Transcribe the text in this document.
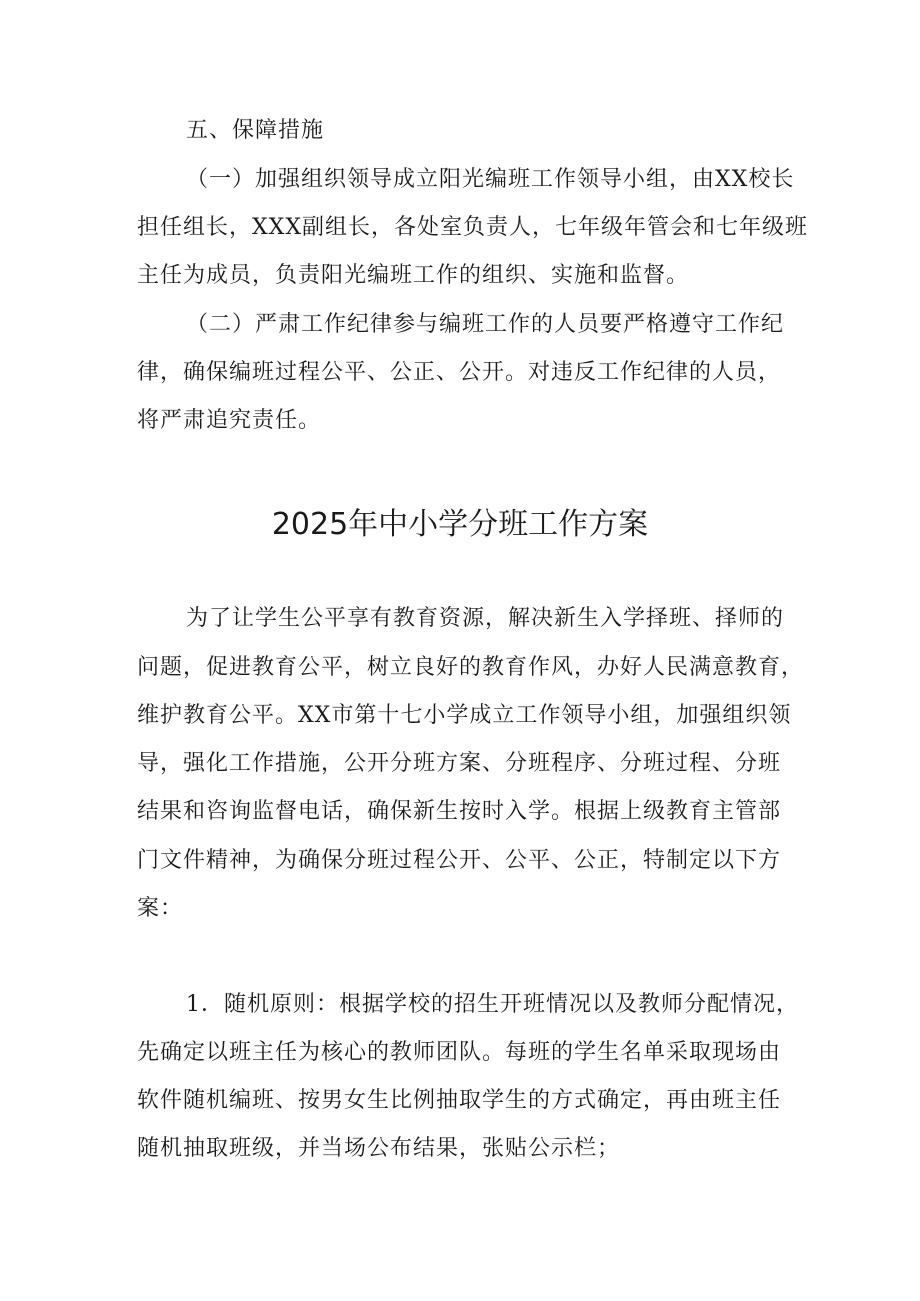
五、保障措施
（一）加强组织领导成立阳光编班工作领导小组，由XX校长
担任组长，XXX副组长，各处室负责人，七年级年管会和七年级班
主任为成员，负责阳光编班工作的组织、实施和监督。
（二）严肃工作纪律参与编班工作的人员要严格遵守工作纪
律，确保编班过程公平、公正、公开。对违反工作纪律的人员，
将严肃追究责任。
2025年中小学分班工作方案
为了让学生公平享有教育资源，解决新生入学择班、择师的
问题，促进教育公平，树立良好的教育作风，办好人民满意教育，
维护教育公平。XX市第十七小学成立工作领导小组，加强组织领
导，强化工作措施，公开分班方案、分班程序、分班过程、分班
结果和咨询监督电话，确保新生按时入学。根据上级教育主管部
门文件精神，为确保分班过程公开、公平、公正，特制定以下方
案：
1．随机原则：根据学校的招生开班情况以及教师分配情况，
先确定以班主任为核心的教师团队。每班的学生名单采取现场由
软件随机编班、按男女生比例抽取学生的方式确定，再由班主任
随机抽取班级，并当场公布结果，张贴公示栏；
